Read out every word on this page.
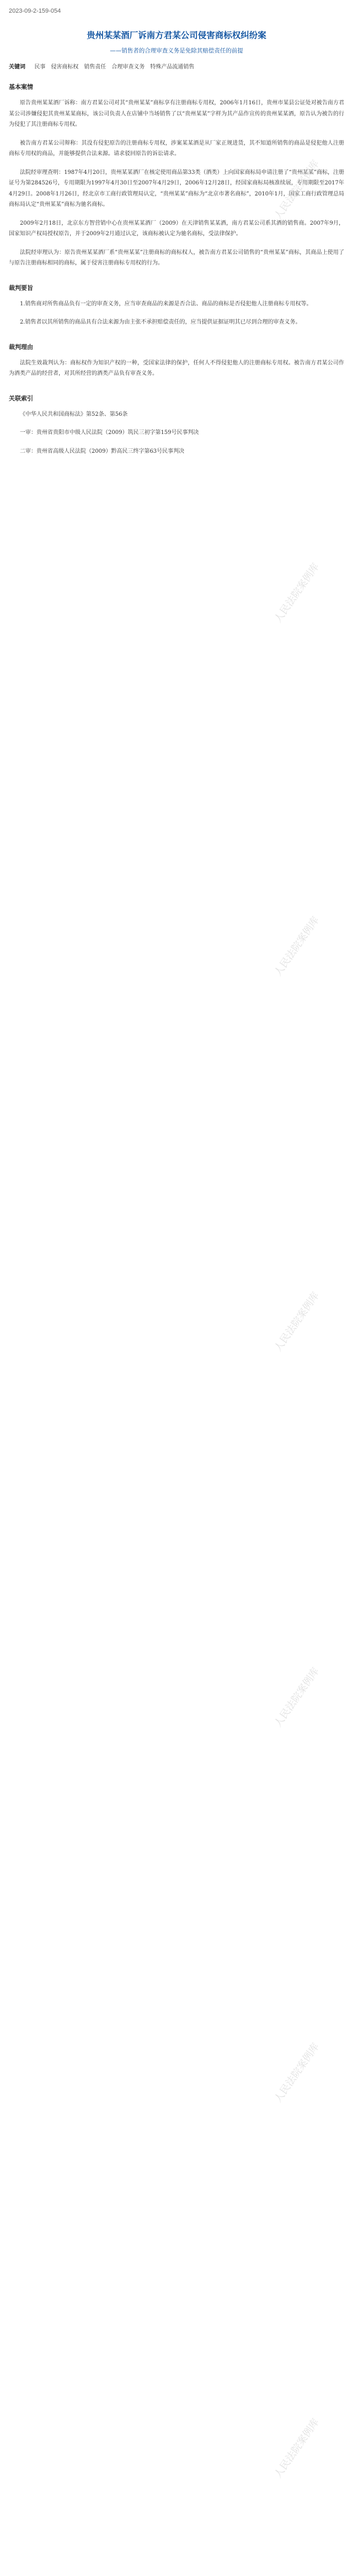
人民法院案例库
人民法院案例库
人民法院案例库
人民法院案例库
人民法院案例库
人民法院案例库
人民法院案例库
2023-09-2-159-054
贵州某某酒厂诉南方君某公司侵害商标权纠纷案
——销售者的合理审查义务是免除其赔偿责任的前提
关键词 　 民事　侵害商标权　销售责任　合理审查义务　特殊产品流通销售
基本案情

原告贵州某某酒厂诉称：南方君某公司对其“贵州某某”商标享有注册商标专用权，2006年1月16日，贵州市某县公证处对被告南方君某公司涉嫌侵犯其贵州某某商标，该公司负责人在店铺中当场销售了以“贵州某某”字样为其产品作宣传的贵州某某酒，原告认为被告的行为侵犯了其注册商标专用权。

被告南方君某公司辩称：其没有侵犯原告的注册商标专用权，涉案某某酒是从厂家正规进货，其不知道所销售的商品是侵犯他人注册商标专用权的商品，并能够提供合法来源。请求驳回原告的诉讼请求。

法院经审理查明：1987年4月20日，贵州某某酒厂在核定使用商品第33类（酒类）上向国家商标局申请注册了“贵州某某”商标，注册证号为第284526号，专用期限为1997年4月30日至2007年4月29日，2006年12月28日，经国家商标局核准续展，专用期限至2017年4月29日。2008年1月26日，经北京市工商行政管理局认定，“贵州某某”商标为“北京市著名商标”，2010年1月，国家工商行政管理总局商标局认定“贵州某某”商标为驰名商标。

2009年2月18日，北京东方智营销中心在贵州某某酒厂（2009）在天津销售某某酒，南方君某公司系其酒的销售商。2007年9月，国家知识产权局授权原告，并于2009年2月通过认定，该商标被认定为驰名商标，受法律保护。

法院经审理认为：原告贵州某某酒厂系“贵州某某”注册商标的商标权人，被告南方君某公司销售的“贵州某某”商标，其商品上使用了与原告注册商标相同的商标，属于侵害注册商标专用权的行为。

裁判要旨

1.销售商对所售商品负有一定的审查义务，应当审查商品的来源是否合法、商品的商标是否侵犯他人注册商标专用权等。

2.销售者以其所销售的商品具有合法来源为由主张不承担赔偿责任的，应当提供证据证明其已尽到合理的审查义务。

裁判理由

法院生效裁判认为：商标权作为知识产权的一种，受国家法律的保护，任何人不得侵犯他人的注册商标专用权。被告南方君某公司作为酒类产品的经营者，对其所经营的酒类产品负有审查义务。

关联索引

《中华人民共和国商标法》第52条、第56条

一审：贵州省贵阳市中级人民法院（2009）筑民三初字第159号民事判决

二审：贵州省高级人民法院（2009）黔高民三终字第63号民事判决
